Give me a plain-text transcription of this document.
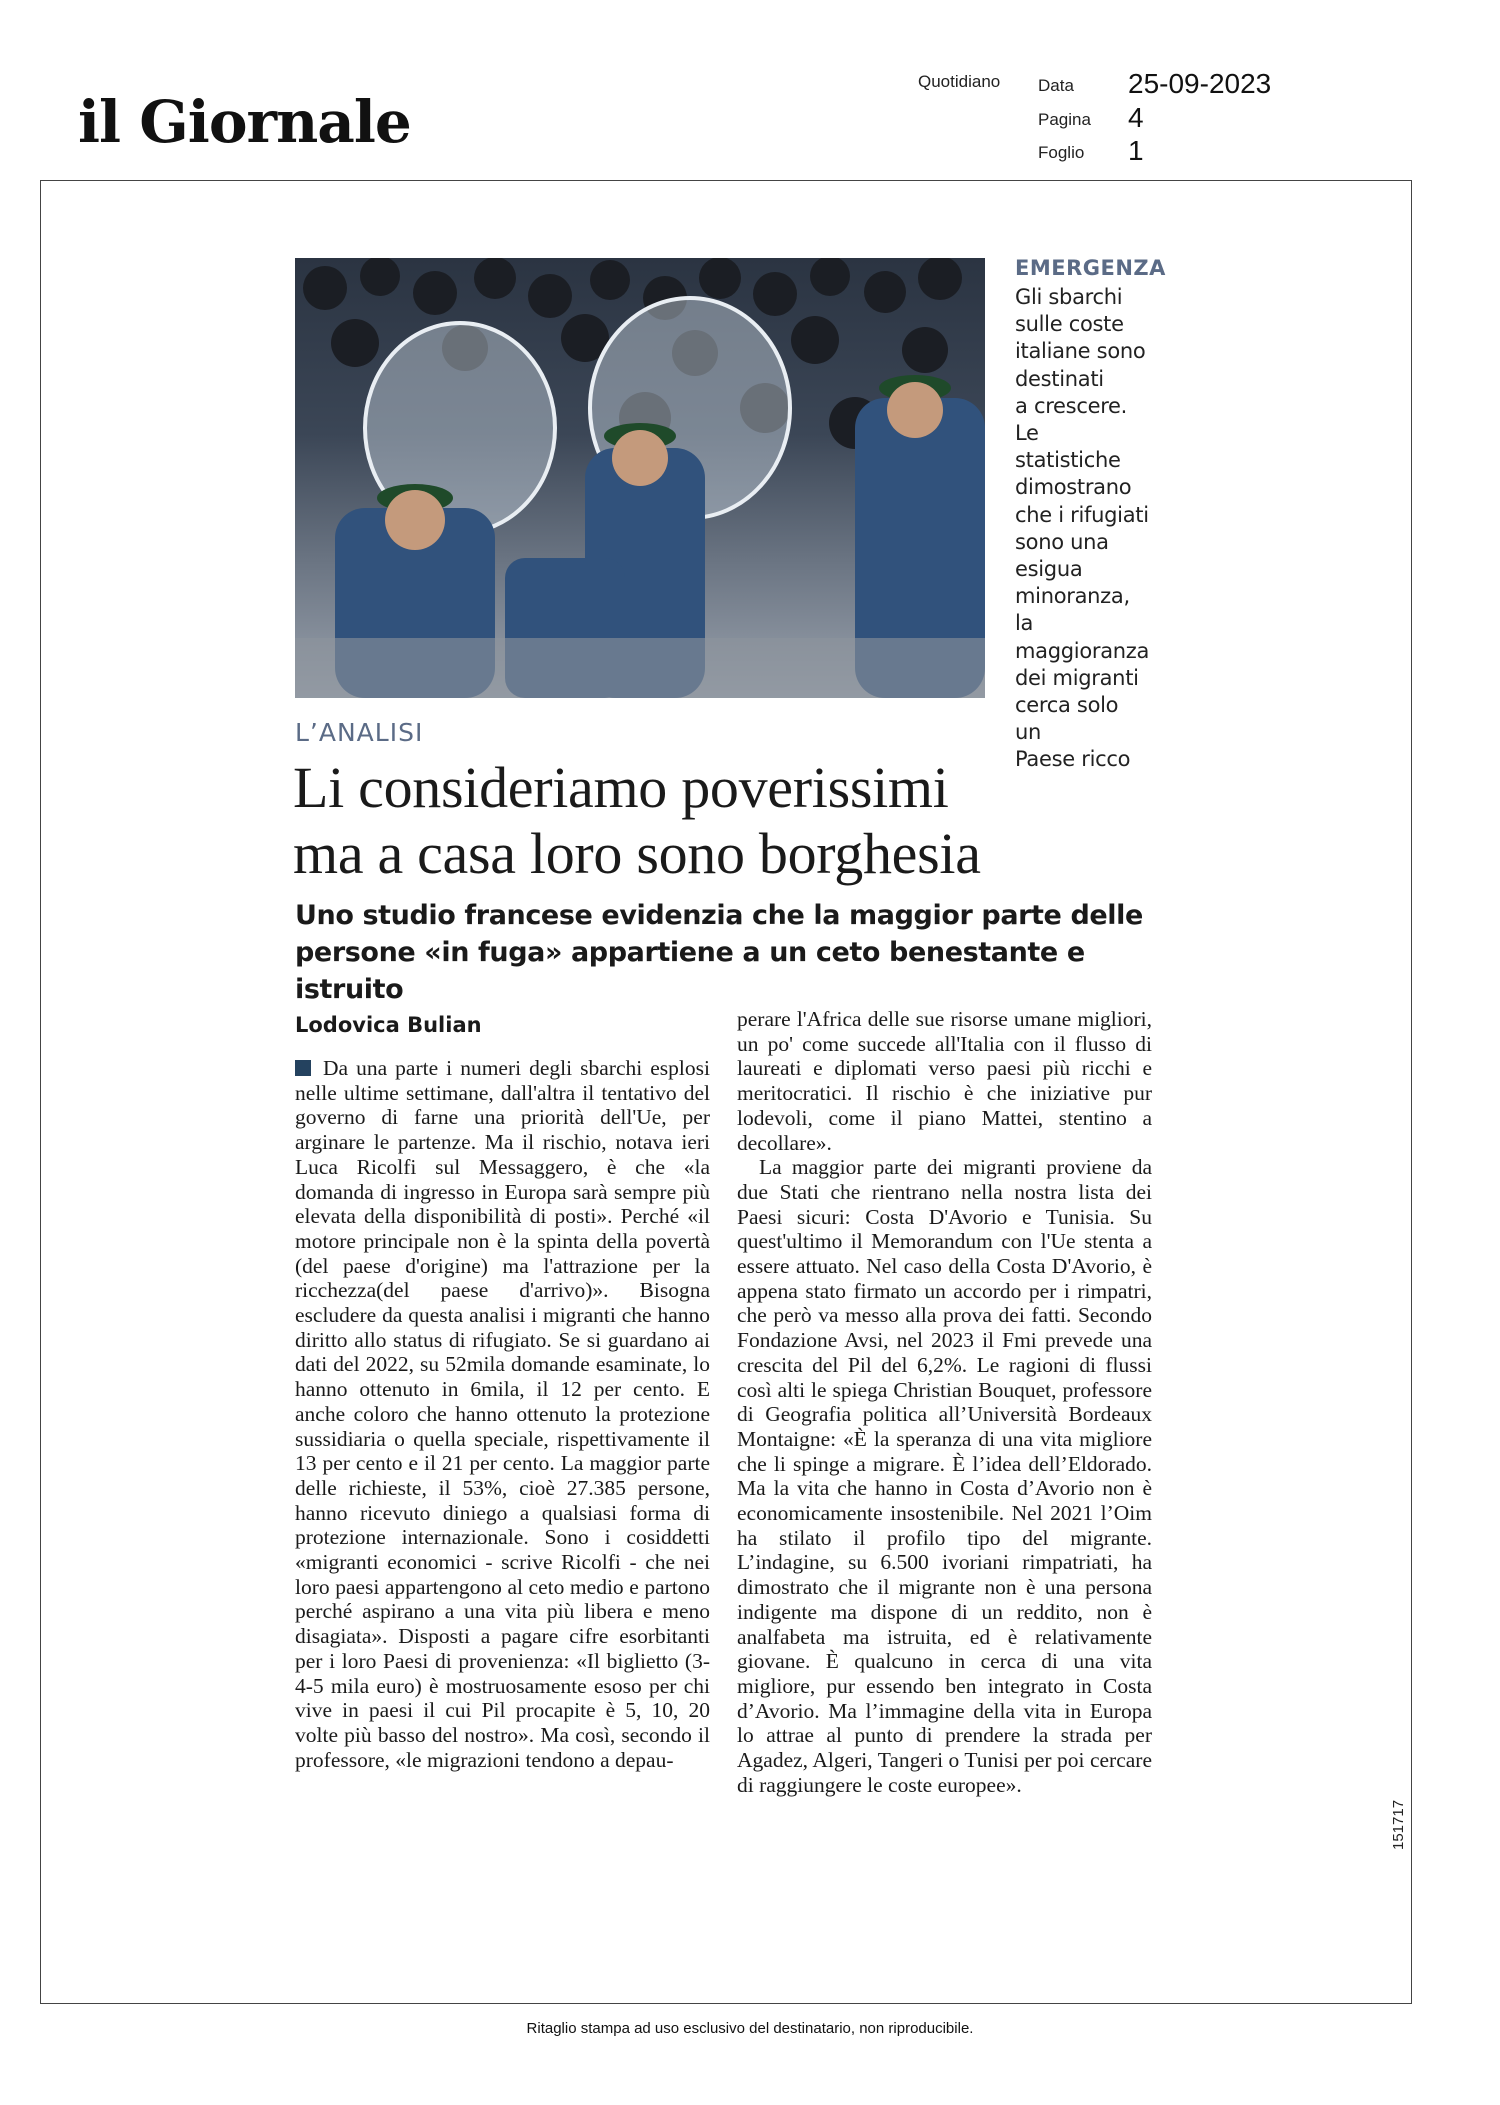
il Giornale
Quotidiano Data 25-09-2023
Pagina 4
Foglio 1
EMERGENZA
Gli sbarchi
sulle coste
italiane sono
destinati
a crescere.
Le statistiche
dimostrano
che i rifugiati
sono una
esigua
minoranza, la
maggioranza
dei migranti
cerca solo un
Paese ricco
L’ANALISI
Li consideriamo poverissimi
ma a casa loro sono borghesia
Uno studio francese evidenzia che la maggior parte delle
persone «in fuga» appartiene a un ceto benestante e istruito
Lodovica Bulian

Da una parte i numeri degli sbarchi esplosi nelle ultime settimane, dall'altra il tentativo del governo di farne una priorità dell'Ue, per arginare le partenze. Ma il rischio, notava ieri Luca Ricolfi sul Messaggero, è che «la domanda di ingresso in Europa sarà sempre più elevata della disponibilità di posti». Perché «il motore principale non è la spinta della povertà (del paese d'origine) ma l'attrazione per la ricchezza(del paese d'arrivo)». Bisogna escludere da questa analisi i migranti che hanno diritto allo status di rifugiato. Se si guardano ai dati del 2022, su 52mila domande esaminate, lo hanno ottenuto in 6mila, il 12 per cento. E anche coloro che hanno ottenuto la protezione sussidiaria o quella speciale, rispettivamente il 13 per cento e il 21 per cento. La maggior parte delle richieste, il 53%, cioè 27.385 persone, hanno ricevuto diniego a qualsiasi forma di protezione internazionale. Sono i cosiddetti «migranti economici - scrive Ricolfi - che nei loro paesi appartengono al ceto medio e partono perché aspirano a una vita più libera e meno disagiata». Disposti a pagare cifre esorbitanti per i loro Paesi di provenienza: «Il biglietto (3-4-5 mila euro) è mostruosamente esoso per chi vive in paesi il cui Pil procapite è 5, 10, 20 volte più basso del nostro». Ma così, secondo il professore, «le migrazioni tendono a depau-

perare l'Africa delle sue risorse umane migliori, un po' come succede all'Italia con il flusso di laureati e diplomati verso paesi più ricchi e meritocratici. Il rischio è che iniziative pur lodevoli, come il piano Mattei, stentino a decollare».

La maggior parte dei migranti proviene da due Stati che rientrano nella nostra lista dei Paesi sicuri: Costa D'Avorio e Tunisia. Su quest'ultimo il Memorandum con l'Ue stenta a essere attuato. Nel caso della Costa D'Avorio, è appena stato firmato un accordo per i rimpatri, che però va messo alla prova dei fatti. Secondo Fondazione Avsi, nel 2023 il Fmi prevede una crescita del Pil del 6,2%. Le ragioni di flussi così alti le spiega Christian Bouquet, professore di Geografia politica all’Università Bordeaux Montaigne: «È la speranza di una vita migliore che li spinge a migrare. È l’idea dell’Eldorado. Ma la vita che hanno in Costa d’Avorio non è economicamente insostenibile. Nel 2021 l’Oim ha stilato il profilo tipo del migrante. L’indagine, su 6.500 ivoriani rimpatriati, ha dimostrato che il migrante non è una persona indigente ma dispone di un reddito, non è analfabeta ma istruita, ed è relativamente giovane. È qualcuno in cerca di una vita migliore, pur essendo ben integrato in Costa d’Avorio. Ma l’immagine della vita in Europa lo attrae al punto di prendere la strada per Agadez, Algeri, Tangeri o Tunisi per poi cercare di raggiungere le coste europee».

151717
Ritaglio stampa ad uso esclusivo del destinatario, non riproducibile.
